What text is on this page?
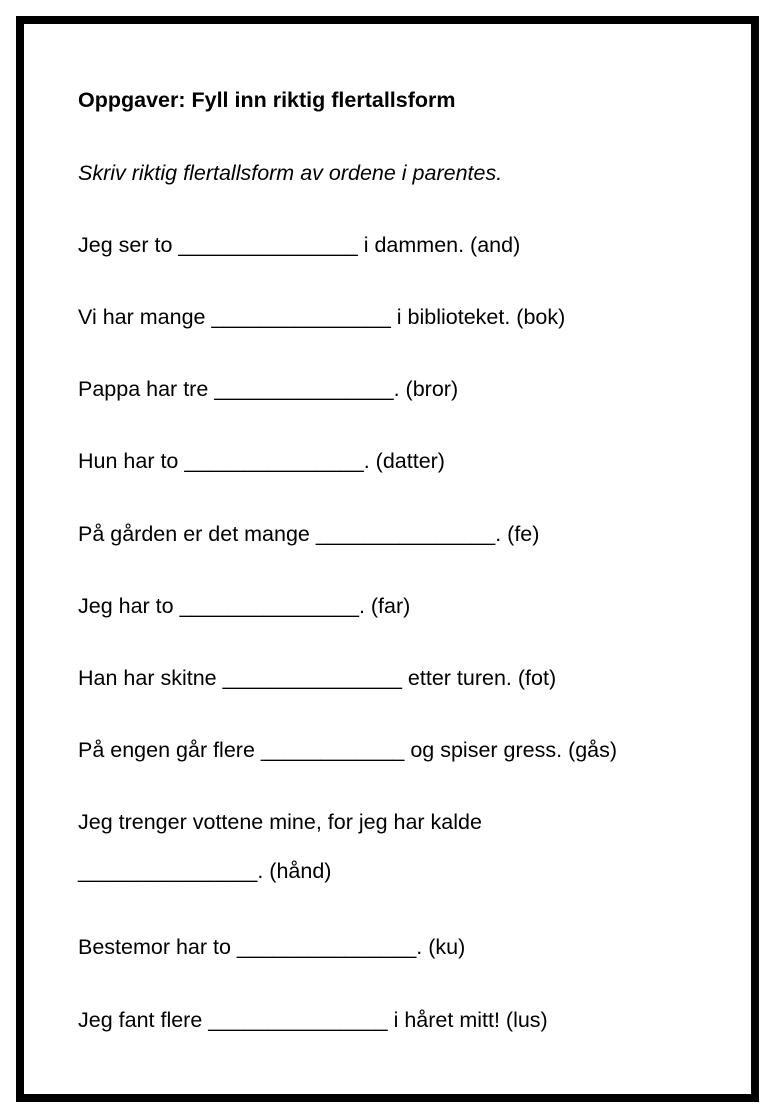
Oppgaver: Fyll inn riktig flertallsform

Skriv riktig flertallsform av ordene i parentes.

Jeg ser to _______________ i dammen. (and)

Vi har mange _______________ i biblioteket. (bok)

Pappa har tre _______________. (bror)

Hun har to _______________. (datter)

På gården er det mange _______________. (fe)

Jeg har to _______________. (far)

Han har skitne _______________ etter turen. (fot)

På engen går flere ____________ og spiser gress. (gås)

Jeg trenger vottene mine, for jeg har kalde
_______________. (hånd)

Bestemor har to _______________. (ku)

Jeg fant flere _______________ i håret mitt! (lus)
